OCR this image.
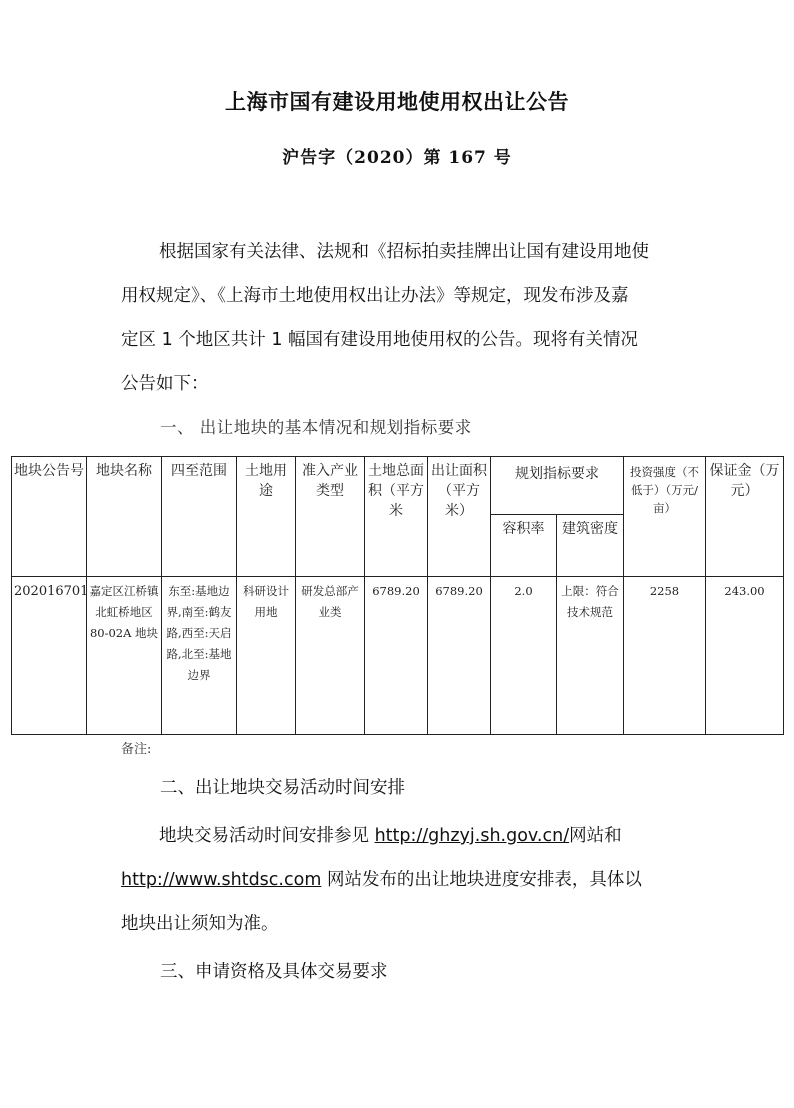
上海市国有建设用地使用权出让公告
沪告字（2020）第 167 号
根据国家有关法律、法规和《招标拍卖挂牌出让国有建设用地使
用权规定》、《上海市土地使用权出让办法》等规定，现发布涉及嘉
定区 1 个地区共计 1 幅国有建设用地使用权的公告。现将有关情况
公告如下：
一、 出让地块的基本情况和规划指标要求
地块公告号	地块名称	四至范围	土地用途	准入产业类型	土地总面积（平方米	出让面积（平方米）	规划指标要求		投资强度（不低于）（万元/亩）	保证金（万元）
							容积率	建筑密度		
202016701	嘉定区江桥镇北虹桥地区 80-02A 地块	东至:基地边界,南至:鹤友路,西至:天启路,北至:基地边界	科研设计用地	研发总部产业类	6789.20	6789.20	2.0	上限：符合技术规范	2258	243.00
备注:
二、出让地块交易活动时间安排
地块交易活动时间安排参见 http://ghzyj.sh.gov.cn/网站和
http://www.shtdsc.com 网站发布的出让地块进度安排表，具体以
地块出让须知为准。
三、申请资格及具体交易要求
